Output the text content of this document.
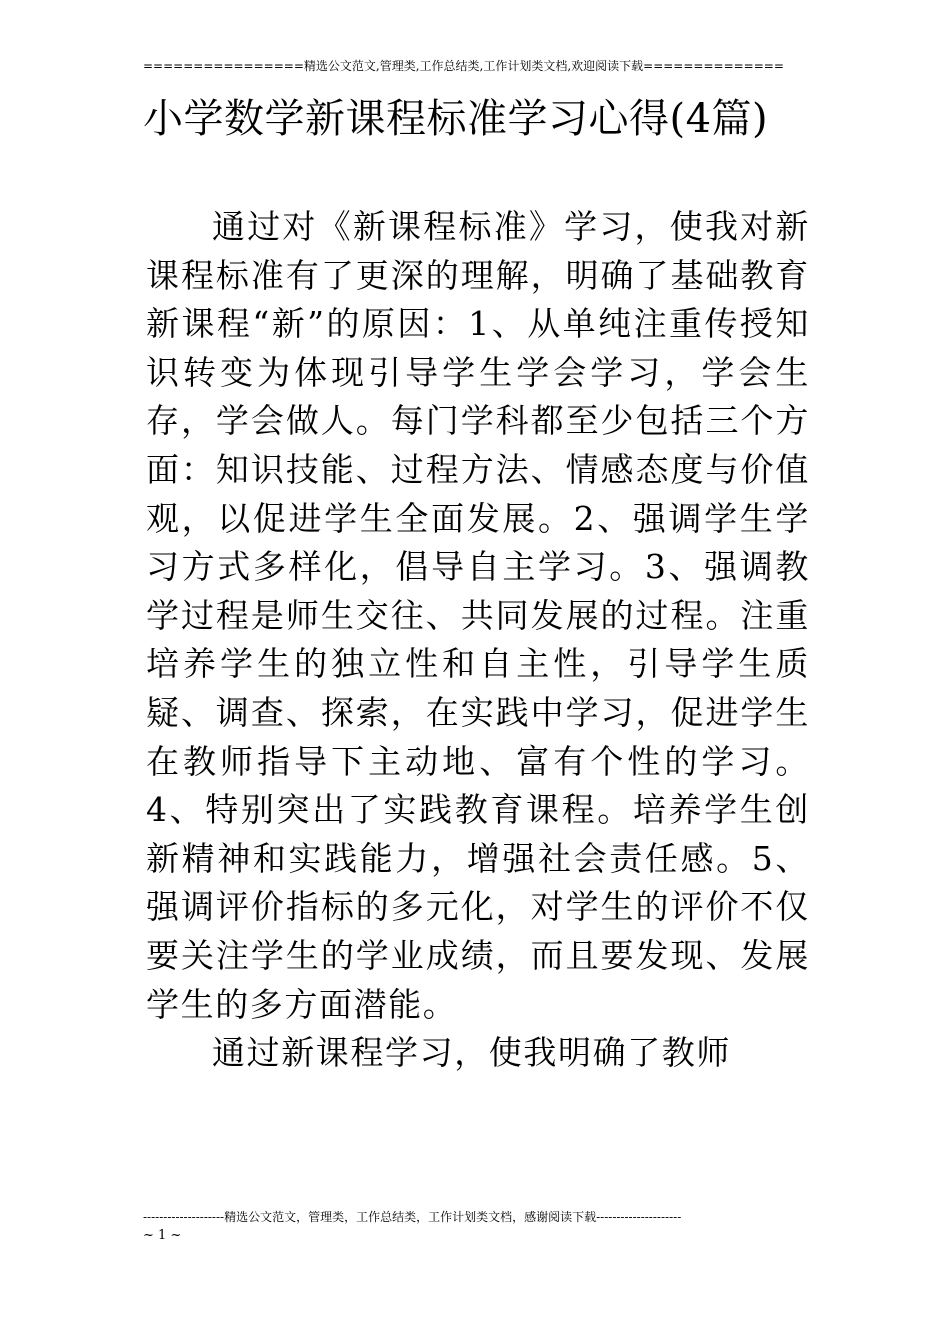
================精选公文范文,管理类,工作总结类,工作计划类文档,欢迎阅读下载==============
小学数学新课程标准学习心得(4篇)

通过对《新课程标准》学习，使我对新课程标准有了更深的理解，明确了基础教育新课程“新”的原因：1、从单纯注重传授知识转变为体现引导学生学会学习，学会生存，学会做人。每门学科都至少包括三个方面：知识技能、过程方法、情感态度与价值观，以促进学生全面发展。2、强调学生学习方式多样化，倡导自主学习。3、强调教学过程是师生交往、共同发展的过程。注重培养学生的独立性和自主性，引导学生质疑、调查、探索，在实践中学习，促进学生在教师指导下主动地、富有个性的学习。4、特别突出了实践教育课程。培养学生创新精神和实践能力，增强社会责任感。5、强调评价指标的多元化，对学生的评价不仅要关注学生的学业成绩，而且要发现、发展学生的多方面潜能。

通过新课程学习，使我明确了教师

--------------------精选公文范文，管理类，工作总结类，工作计划类文档，感谢阅读下载---------------------
~ 1 ~
